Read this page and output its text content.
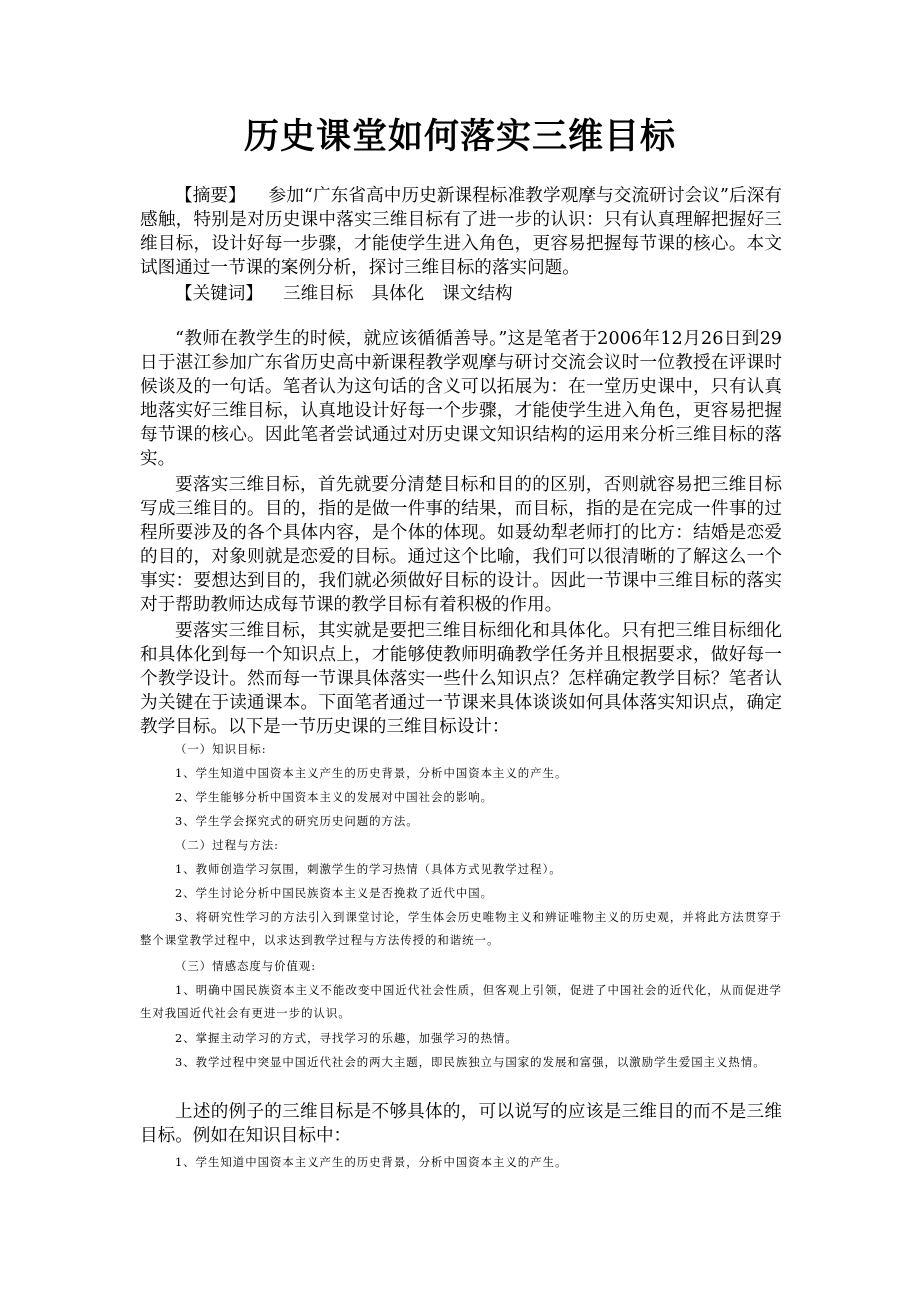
历史课堂如何落实三维目标
【摘要】 参加“广东省高中历史新课程标准教学观摩与交流研讨会议”后深有感触，特别是对历史课中落实三维目标有了进一步的认识：只有认真理解把握好三维目标，设计好每一步骤，才能使学生进入角色，更容易把握每节课的核心。本文试图通过一节课的案例分析，探讨三维目标的落实问题。
【关键词】 三维目标 具体化 课文结构
“教师在教学生的时候，就应该循循善导。”这是笔者于2006年12月26日到29日于湛江参加广东省历史高中新课程教学观摩与研讨交流会议时一位教授在评课时候谈及的一句话。笔者认为这句话的含义可以拓展为：在一堂历史课中，只有认真地落实好三维目标，认真地设计好每一个步骤，才能使学生进入角色，更容易把握每节课的核心。因此笔者尝试通过对历史课文知识结构的运用来分析三维目标的落实。
要落实三维目标，首先就要分清楚目标和目的的区别，否则就容易把三维目标写成三维目的。目的，指的是做一件事的结果，而目标，指的是在完成一件事的过程所要涉及的各个具体内容，是个体的体现。如聂幼犁老师打的比方：结婚是恋爱的目的，对象则就是恋爱的目标。通过这个比喻，我们可以很清晰的了解这么一个事实：要想达到目的，我们就必须做好目标的设计。因此一节课中三维目标的落实对于帮助教师达成每节课的教学目标有着积极的作用。
要落实三维目标，其实就是要把三维目标细化和具体化。只有把三维目标细化和具体化到每一个知识点上，才能够使教师明确教学任务并且根据要求，做好每一个教学设计。然而每一节课具体落实一些什么知识点？怎样确定教学目标？笔者认为关键在于读通课本。下面笔者通过一节课来具体谈谈如何具体落实知识点，确定教学目标。以下是一节历史课的三维目标设计：
（一）知识目标:
1、学生知道中国资本主义产生的历史背景，分析中国资本主义的产生。
2、学生能够分析中国资本主义的发展对中国社会的影响。
3、学生学会探究式的研究历史问题的方法。
（二）过程与方法:
1、教师创造学习氛围，刺激学生的学习热情（具体方式见教学过程）。
2、学生讨论分析中国民族资本主义是否挽救了近代中国。
3、将研究性学习的方法引入到课堂讨论，学生体会历史唯物主义和辨证唯物主义的历史观，并将此方法贯穿于整个课堂教学过程中，以求达到教学过程与方法传授的和谐统一。
（三）情感态度与价值观:
1、明确中国民族资本主义不能改变中国近代社会性质，但客观上引领，促进了中国社会的近代化，从而促进学生对我国近代社会有更进一步的认识。
2、掌握主动学习的方式，寻找学习的乐趣，加强学习的热情。
3、教学过程中突显中国近代社会的两大主题，即民族独立与国家的发展和富强，以激励学生爱国主义热情。
上述的例子的三维目标是不够具体的，可以说写的应该是三维目的而不是三维目标。例如在知识目标中：
1、学生知道中国资本主义产生的历史背景，分析中国资本主义的产生。
